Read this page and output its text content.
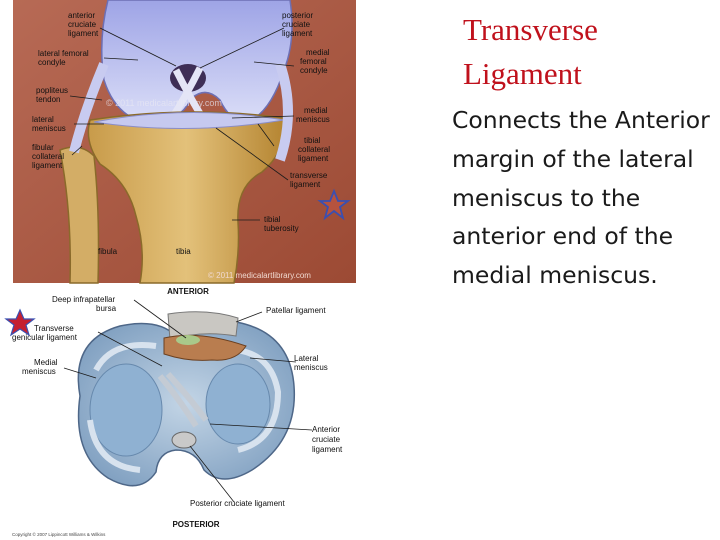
anterior cruciate ligament
posterior cruciate ligament
lateral femoral condyle
medial femoral condyle
popliteus tendon
medial meniscus
lateral meniscus
tibial collateral ligament
fibular collateral ligament
transverse ligament
tibial tuberosity
fibula	tibia
© 2011 medicalartlibrary.com
© 2011 medicalartlibrary.com
ANTERIOR
Deep infrapatellar bursa	Patellar ligament
Transverse genicular ligament
Medial meniscus
Lateral meniscus
Anterior cruciate ligament
Posterior cruciate ligament
POSTERIOR
Copyright © 2007 Lippincott Williams & Wilkins
Transverse
Ligament

Connects the Anterior margin of the lateral meniscus to the anterior end of the medial meniscus.
